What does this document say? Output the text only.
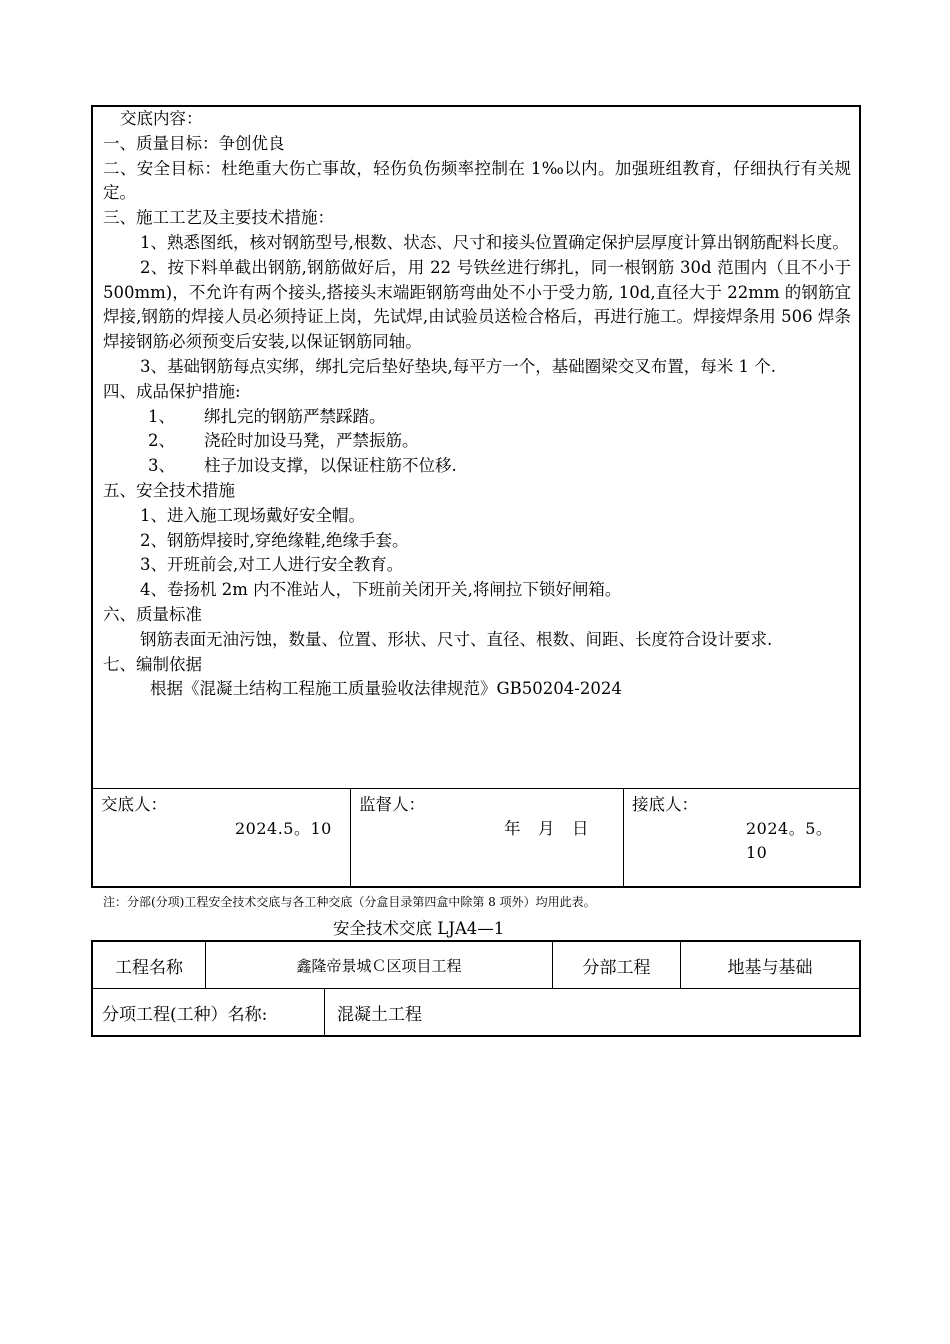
交底内容：
一、质量目标：争创优良
二、安全目标：杜绝重大伤亡事故，轻伤负伤频率控制在 1‰以内。加强班组教育，仔细执行有关规定。
三、施工工艺及主要技术措施：
1、熟悉图纸，核对钢筋型号,根数、状态、尺寸和接头位置确定保护层厚度计算出钢筋配料长度。
2、按下料单截出钢筋,钢筋做好后，用 22 号铁丝进行绑扎，同一根钢筋 30d 范围内（且不小于 500mm)，不允许有两个接头,搭接头末端距钢筋弯曲处不小于受力筋, 10d,直径大于 22mm 的钢筋宜焊接,钢筋的焊接人员必须持证上岗，先试焊,由试验员送检合格后，再进行施工。焊接焊条用 506 焊条焊接钢筋必须预变后安装,以保证钢筋同轴。
3、基础钢筋每点实绑，绑扎完后垫好垫块,每平方一个，基础圈梁交叉布置，每米 1 个.
四、成品保护措施:
1、 绑扎完的钢筋严禁踩踏。
2、 浇砼时加设马凳，严禁振筋。
3、 柱子加设支撑，以保证柱筋不位移.
五、安全技术措施
1、进入施工现场戴好安全帽。
2、钢筋焊接时,穿绝缘鞋,绝缘手套。
3、开班前会,对工人进行安全教育。
4、卷扬机 2m 内不准站人，下班前关闭开关,将闸拉下锁好闸箱。
六、质量标准
钢筋表面无油污蚀，数量、位置、形状、尺寸、直径、根数、间距、长度符合设计要求.
七、编制依据
根据《混凝土结构工程施工质量验收法律规范》GB50204-2024
交底人：
2024.5。10
监督人：
年　月　日
接底人：
2024。5。10
注：分部(分项)工程安全技术交底与各工种交底（分盒目录第四盒中除第 8 项外）均用此表。
安全技术交底 LJA4—1
工程名称	鑫隆帝景城Ｃ区项目工程	分部工程	地基与基础
分项工程(工种）名称:	混凝土工程
